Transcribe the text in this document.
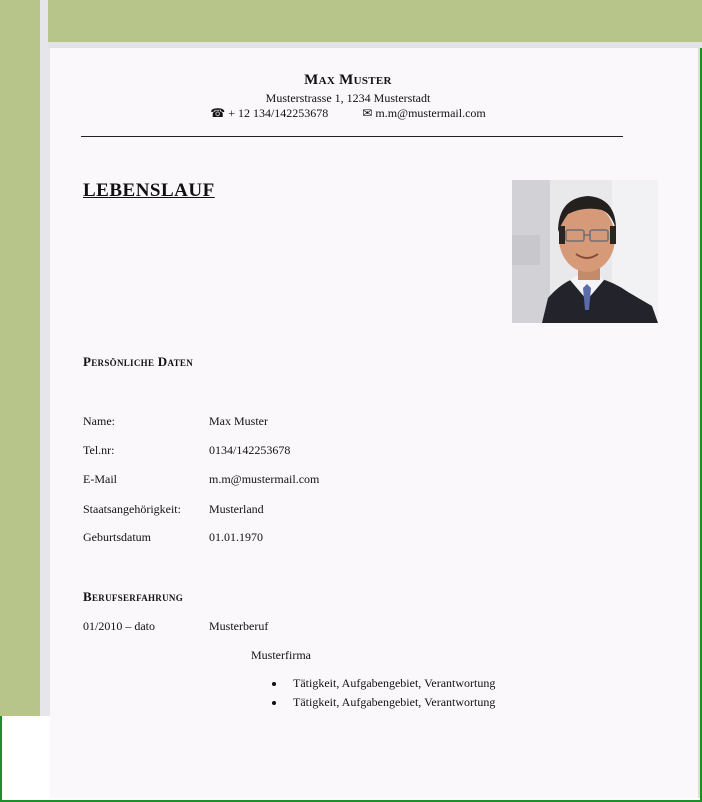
Max Muster
Musterstrasse 1, 1234 Musterstadt
☎ + 12 134/142253678	✉ m.m@mustermail.com
LEBENSLAUF
Persönliche Daten
Name:	Max Muster
Tel.nr:	0134/142253678
E-Mail	m.m@mustermail.com
Staatsangehörigkeit: Musterland
Geburtsdatum	01.01.1970
Berufserfahrung
01/2010 – dato	Musterberuf
Musterfirma
Tätigkeit, Aufgabengebiet, Verantwortung
Tätigkeit, Aufgabengebiet, Verantwortung
